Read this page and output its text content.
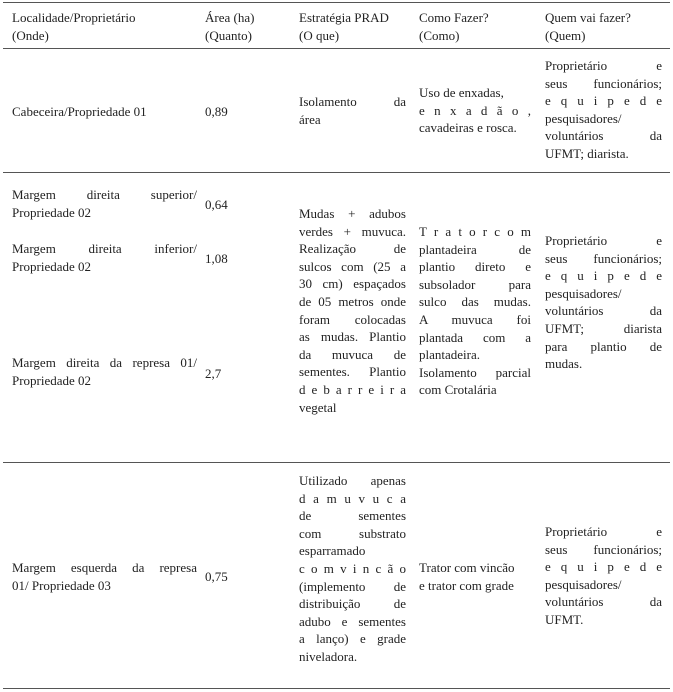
Localidade/Proprietário
(Onde)
Área (ha)
(Quanto)
Estratégia PRAD
(O que)
Como Fazer?
(Como)
Quem vai fazer?
(Quem)
Cabeceira/Propriedade 01	0,89
Isolamento da
área
Uso de enxadas,
e n x a d ã o ,
cavadeiras e rosca.
Proprietário e
seus funcionários;
e q u i p e d e
pesquisadores/
voluntários da
UFMT; diarista.
Margem direita superior/
Propriedade 02
0,64
Margem direita inferior/
Propriedade 02
1,08
Margem direita da represa 01/
Propriedade 02	2,7
Mudas + adubos
verdes + muvuca.
Realização de
sulcos com (25 a
30 cm) espaçados
de 05 metros onde
foram colocadas
as mudas. Plantio
da muvuca de
sementes. Plantio
d e b a r r e i r a
vegetal
T r a t o r c o m
plantadeira de
plantio direto e
subsolador para
sulco das mudas.
A muvuca foi
plantada com a
plantadeira.
Isolamento parcial
com Crotalária
Proprietário e
seus funcionários;
e q u i p e d e
pesquisadores/
voluntários da
UFMT; diarista
para plantio de
mudas.
Margem esquerda da represa
01/ Propriedade 03
0,75
Utilizado apenas
d a m u v u c a
de sementes
com substrato
esparramado
c o m v i n c ã o
(implemento de
distribuição de
adubo e sementes
a lanço) e grade
niveladora.
Trator com vincão
e trator com grade
Proprietário e
seus funcionários;
e q u i p e d e
pesquisadores/
voluntários da
UFMT.
